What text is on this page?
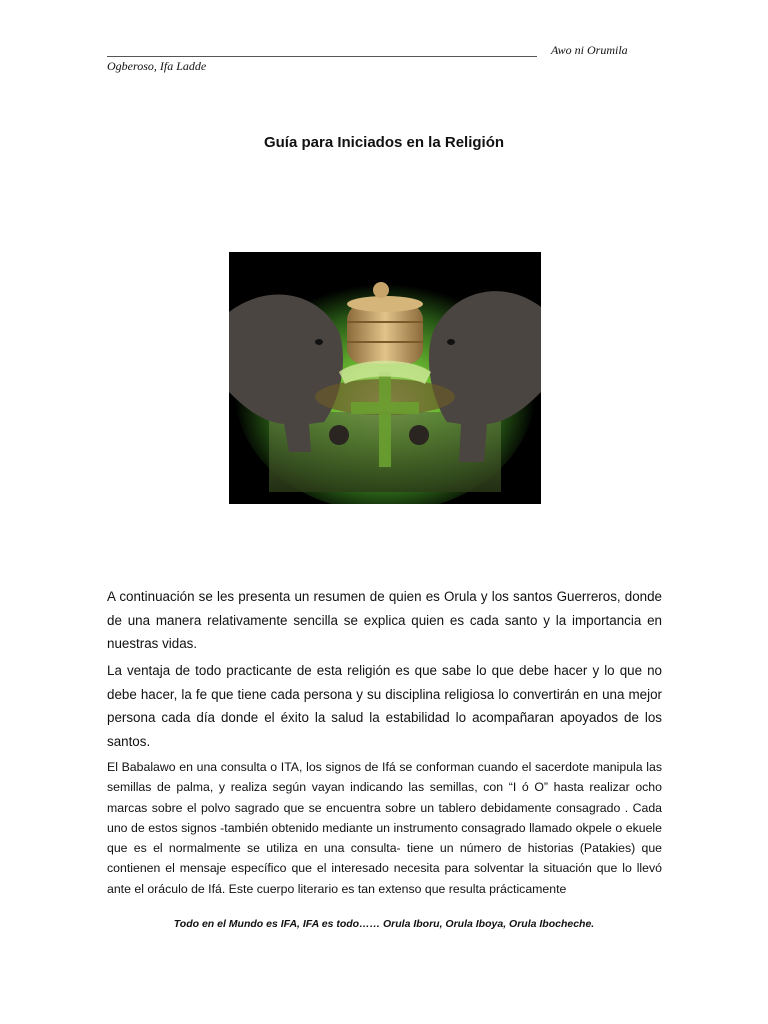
Awo ni Orumila
Ogberoso, Ifa Ladde
Guía para Iniciados en la Religión

A continuación se les presenta un resumen de quien es Orula y los santos Guerreros, donde de una manera relativamente sencilla se explica quien es cada santo y la importancia en nuestras vidas.

La ventaja de todo practicante de esta religión es que sabe lo que debe hacer y lo que no debe hacer, la fe que tiene cada persona y su disciplina religiosa lo convertirán en una mejor persona cada día donde el éxito la salud la estabilidad lo acompañaran apoyados de los santos.

El Babalawo en una consulta o ITA, los signos de Ifá se conforman cuando el sacerdote manipula las semillas de palma, y realiza según vayan indicando las semillas, con “I ó O” hasta realizar ocho marcas sobre el polvo sagrado que se encuentra sobre un tablero debidamente consagrado . Cada uno de estos signos -también obtenido mediante un instrumento consagrado llamado okpele o ekuele que es el normalmente se utiliza en una consulta- tiene un número de historias (Patakies) que contienen el mensaje específico que el interesado necesita para solventar la situación que lo llevó ante el oráculo de Ifá. Este cuerpo literario es tan extenso que resulta prácticamente

Todo en el Mundo es IFA, IFA es todo…… Orula Iboru, Orula Iboya, Orula Ibocheche.
